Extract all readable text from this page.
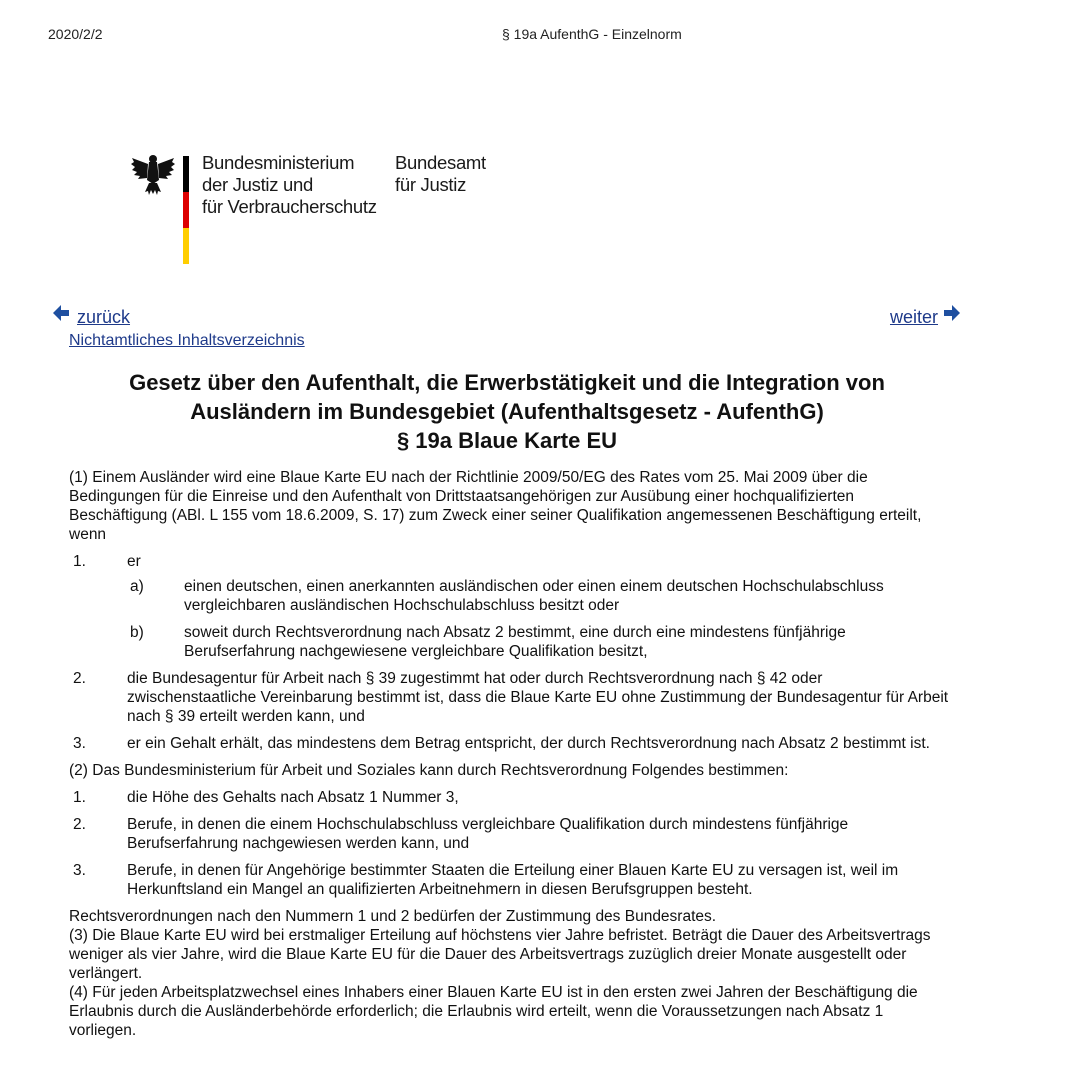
2020/2/2	§ 19a AufenthG - Einzelnorm
Bundesministerium
der Justiz und
für Verbraucherschutz
Bundesamt
für Justiz
zurück	weiter
Nichtamtliches Inhaltsverzeichnis
Gesetz über den Aufenthalt, die Erwerbstätigkeit und die Integration von
Ausländern im Bundesgebiet (Aufenthaltsgesetz - AufenthG)
§ 19a Blaue Karte EU

(1) Einem Ausländer wird eine Blaue Karte EU nach der Richtlinie 2009/50/EG des Rates vom 25. Mai 2009 über die Bedingungen für die Einreise und den Aufenthalt von Drittstaatsangehörigen zur Ausübung einer hochqualifizierten Beschäftigung (ABl. L 155 vom 18.6.2009, S. 17) zum Zweck einer seiner Qualifikation angemessenen Beschäftigung erteilt, wenn

1.	er
a)	einen deutschen, einen anerkannten ausländischen oder einen einem deutschen Hochschulabschluss vergleichbaren ausländischen Hochschulabschluss besitzt oder
b)	soweit durch Rechtsverordnung nach Absatz 2 bestimmt, eine durch eine mindestens fünfjährige Berufserfahrung nachgewiesene vergleichbare Qualifikation besitzt,
2.	die Bundesagentur für Arbeit nach § 39 zugestimmt hat oder durch Rechtsverordnung nach § 42 oder zwischenstaatliche Vereinbarung bestimmt ist, dass die Blaue Karte EU ohne Zustimmung der Bundesagentur für Arbeit nach § 39 erteilt werden kann, und
3.	er ein Gehalt erhält, das mindestens dem Betrag entspricht, der durch Rechtsverordnung nach Absatz 2 bestimmt ist.

(2) Das Bundesministerium für Arbeit und Soziales kann durch Rechtsverordnung Folgendes bestimmen:

1.	die Höhe des Gehalts nach Absatz 1 Nummer 3,
2.	Berufe, in denen die einem Hochschulabschluss vergleichbare Qualifikation durch mindestens fünfjährige Berufserfahrung nachgewiesen werden kann, und
3.	Berufe, in denen für Angehörige bestimmter Staaten die Erteilung einer Blauen Karte EU zu versagen ist, weil im Herkunftsland ein Mangel an qualifizierten Arbeitnehmern in diesen Berufsgruppen besteht.

Rechtsverordnungen nach den Nummern 1 und 2 bedürfen der Zustimmung des Bundesrates.

(3) Die Blaue Karte EU wird bei erstmaliger Erteilung auf höchstens vier Jahre befristet. Beträgt die Dauer des Arbeitsvertrags weniger als vier Jahre, wird die Blaue Karte EU für die Dauer des Arbeitsvertrags zuzüglich dreier Monate ausgestellt oder verlängert.

(4) Für jeden Arbeitsplatzwechsel eines Inhabers einer Blauen Karte EU ist in den ersten zwei Jahren der Beschäftigung die Erlaubnis durch die Ausländerbehörde erforderlich; die Erlaubnis wird erteilt, wenn die Voraussetzungen nach Absatz 1 vorliegen.
